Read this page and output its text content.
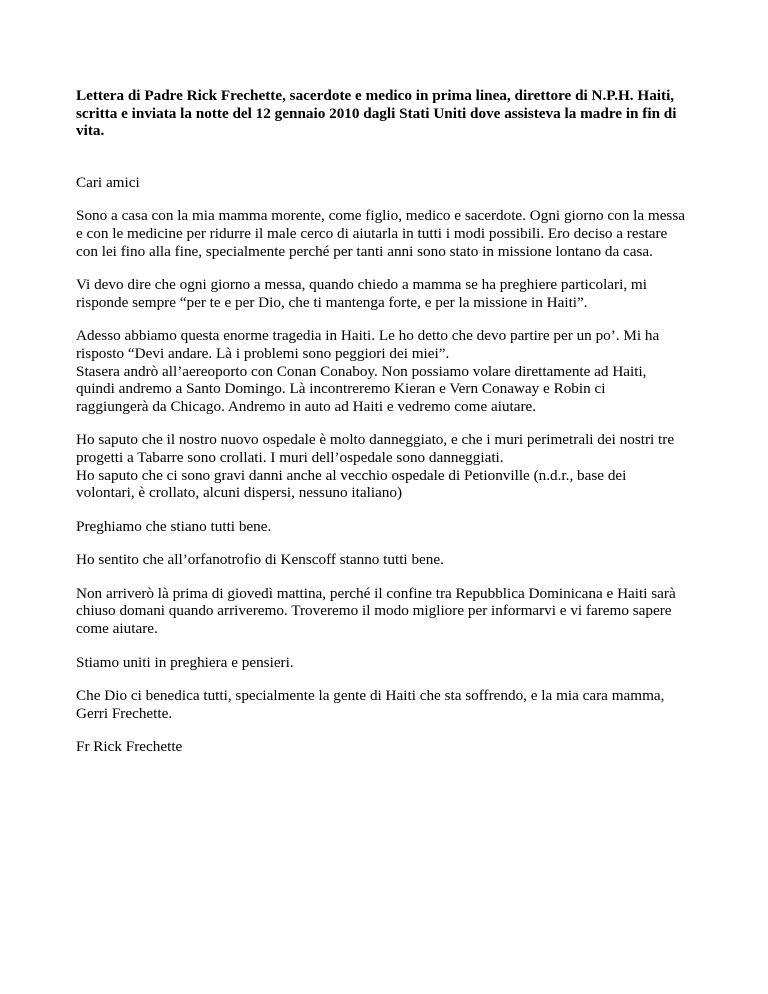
Lettera di Padre Rick Frechette, sacerdote e medico in prima linea, direttore di N.P.H. Haiti,
scritta e inviata la notte del 12 gennaio 2010 dagli Stati Uniti dove assisteva la madre in fin di
vita.

Cari amici

Sono a casa con la mia mamma morente, come figlio, medico e sacerdote. Ogni giorno con la messa
e con le medicine per ridurre il male cerco di aiutarla in tutti i modi possibili. Ero deciso a restare
con lei fino alla fine, specialmente perché per tanti anni sono stato in missione lontano da casa.

Vi devo dire che ogni giorno a messa, quando chiedo a mamma se ha preghiere particolari, mi
risponde sempre “per te e per Dio, che ti mantenga forte, e per la missione in Haiti”.

Adesso abbiamo questa enorme tragedia in Haiti. Le ho detto che devo partire per un po’. Mi ha
risposto “Devi andare. Là i problemi sono peggiori dei miei”.
Stasera andrò all’aereoporto con Conan Conaboy. Non possiamo volare direttamente ad Haiti,
quindi andremo a Santo Domingo. Là incontreremo Kieran e Vern Conaway e Robin ci
raggiungerà da Chicago. Andremo in auto ad Haiti e vedremo come aiutare.

Ho saputo che il nostro nuovo ospedale è molto danneggiato, e che i muri perimetrali dei nostri tre
progetti a Tabarre sono crollati. I muri dell’ospedale sono danneggiati.
Ho saputo che ci sono gravi danni anche al vecchio ospedale di Petionville (n.d.r., base dei
volontari, è crollato, alcuni dispersi, nessuno italiano)

Preghiamo che stiano tutti bene.

Ho sentito che all’orfanotrofio di Kenscoff stanno tutti bene.

Non arriverò là prima di giovedì mattina, perché il confine tra Repubblica Dominicana e Haiti sarà
chiuso domani quando arriveremo. Troveremo il modo migliore per informarvi e vi faremo sapere
come aiutare.

Stiamo uniti in preghiera e pensieri.

Che Dio ci benedica tutti, specialmente la gente di Haiti che sta soffrendo, e la mia cara mamma,
Gerri Frechette.

Fr Rick Frechette
